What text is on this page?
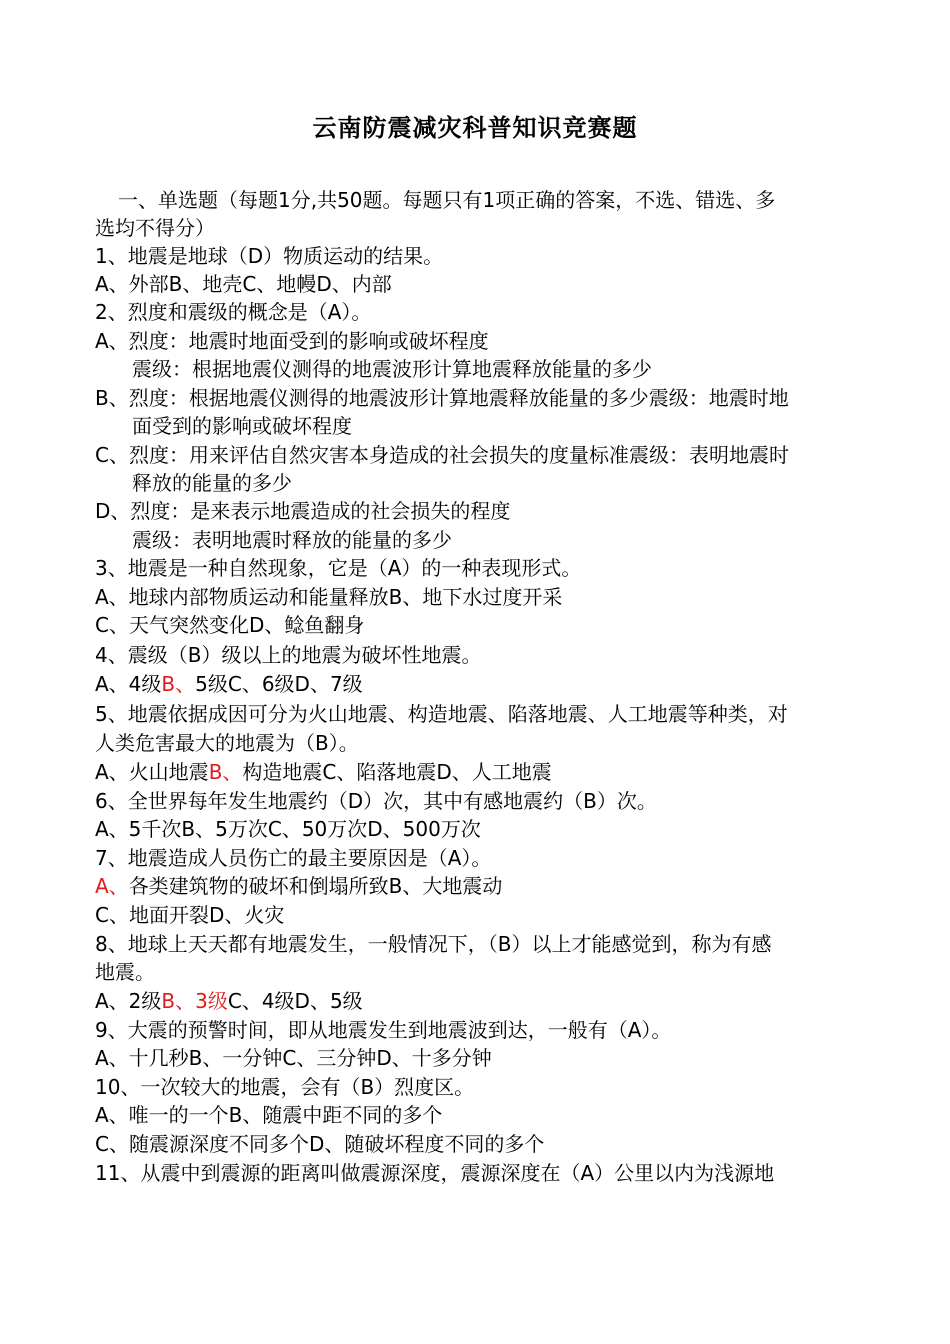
云南防震减灾科普知识竞赛题
一、单选题（每题1分,共50题。每题只有1项正确的答案，不选、错选、多
选均不得分）
1、地震是地球（D）物质运动的结果。
A、外部B、地壳C、地幔D、内部
2、烈度和震级的概念是（A）。
A、烈度：地震时地面受到的影响或破坏程度
震级：根据地震仪测得的地震波形计算地震释放能量的多少
B、烈度：根据地震仪测得的地震波形计算地震释放能量的多少震级：地震时地
面受到的影响或破坏程度
C、烈度：用来评估自然灾害本身造成的社会损失的度量标准震级：表明地震时
释放的能量的多少
D、烈度：是来表示地震造成的社会损失的程度
震级：表明地震时释放的能量的多少
3、地震是一种自然现象，它是（A）的一种表现形式。
A、地球内部物质运动和能量释放B、地下水过度开采
C、天气突然变化D、鲶鱼翻身
4、震级（B）级以上的地震为破坏性地震。
A、4级B、5级C、6级D、7级
5、地震依据成因可分为火山地震、构造地震、陷落地震、人工地震等种类，对
人类危害最大的地震为（B）。
A、火山地震B、构造地震C、陷落地震D、人工地震
6、全世界每年发生地震约（D）次，其中有感地震约（B）次。
A、5千次B、5万次C、50万次D、500万次
7、地震造成人员伤亡的最主要原因是（A）。
A、各类建筑物的破坏和倒塌所致B、大地震动
C、地面开裂D、火灾
8、地球上天天都有地震发生，一般情况下，（B）以上才能感觉到，称为有感
地震。
A、2级B、3级C、4级D、5级
9、大震的预警时间，即从地震发生到地震波到达，一般有（A）。
A、十几秒B、一分钟C、三分钟D、十多分钟
10、一次较大的地震，会有（B）烈度区。
A、唯一的一个B、随震中距不同的多个
C、随震源深度不同多个D、随破坏程度不同的多个
11、从震中到震源的距离叫做震源深度，震源深度在（A）公里以内为浅源地
